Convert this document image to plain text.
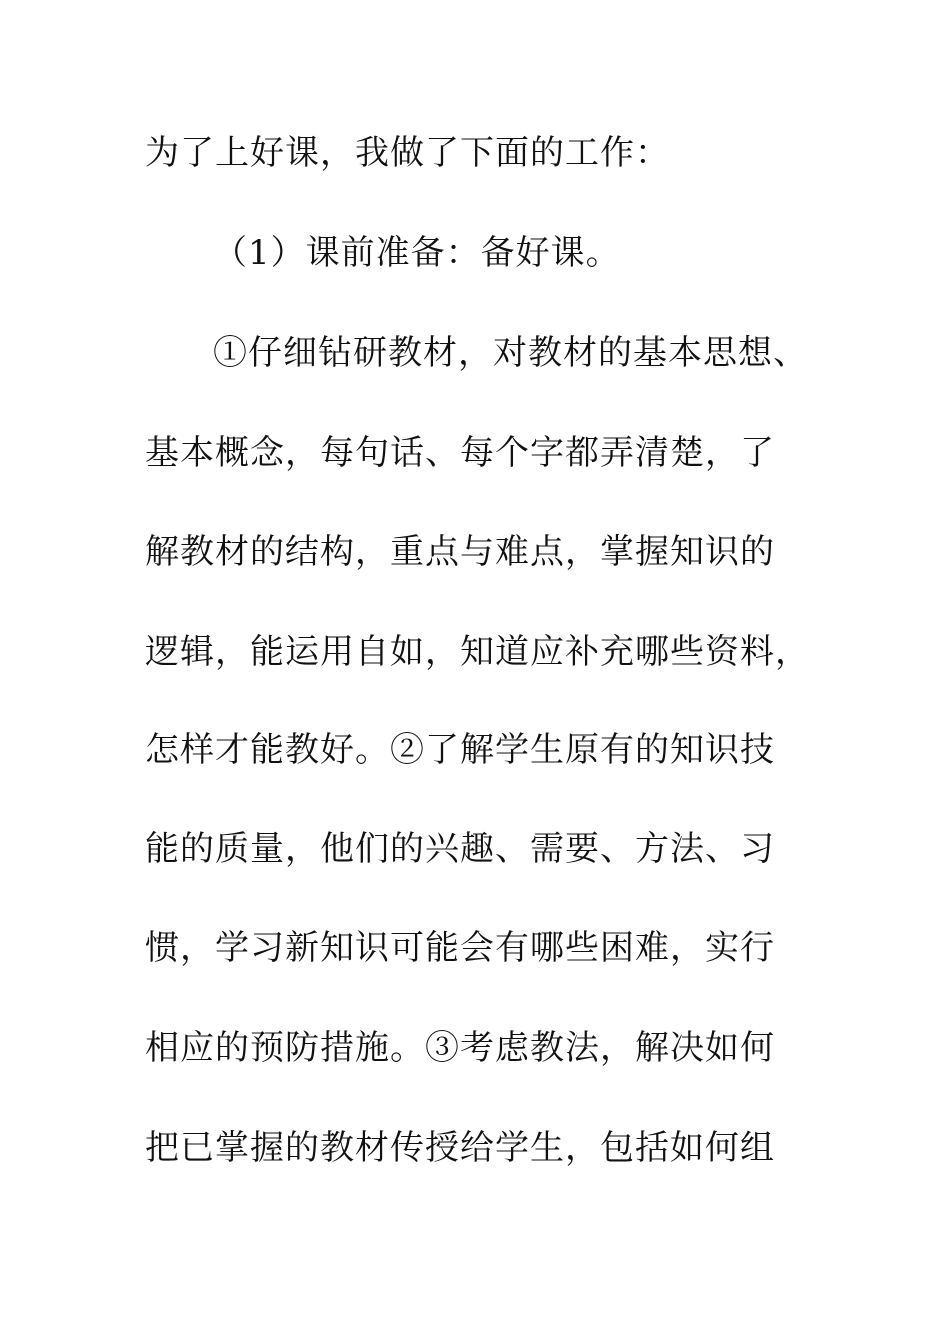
为了上好课，我做了下面的工作：
（1）课前准备：备好课。
①仔细钻研教材，对教材的基本思想、
基本概念，每句话、每个字都弄清楚，了
解教材的结构，重点与难点，掌握知识的
逻辑，能运用自如，知道应补充哪些资料，
怎样才能教好。②了解学生原有的知识技
能的质量，他们的兴趣、需要、方法、习
惯，学习新知识可能会有哪些困难，实行
相应的预防措施。③考虑教法，解决如何
把已掌握的教材传授给学生，包括如何组
